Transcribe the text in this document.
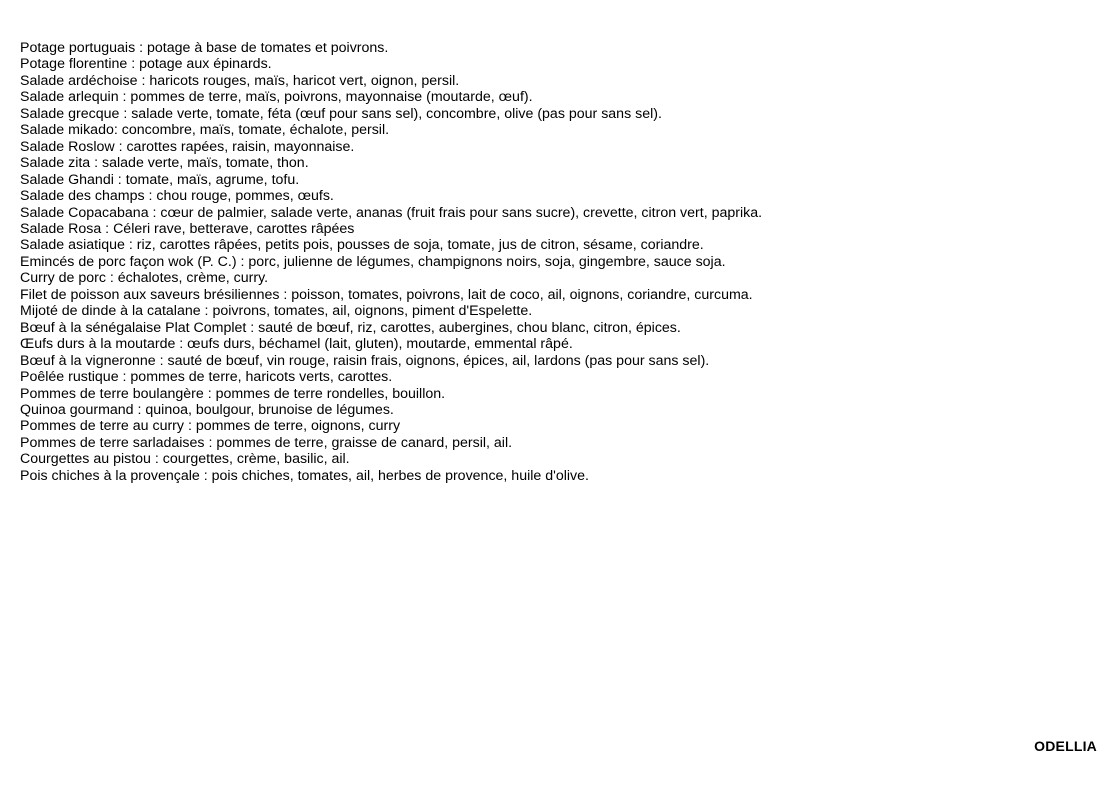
Potage portuguais : potage à base de tomates et poivrons.
Potage florentine : potage aux épinards.
Salade ardéchoise : haricots rouges, maïs, haricot vert, oignon, persil.
Salade arlequin : pommes de terre, maïs, poivrons, mayonnaise (moutarde, œuf).
Salade grecque : salade verte, tomate, féta (œuf pour sans sel), concombre, olive (pas pour sans sel).
Salade mikado: concombre, maïs, tomate, échalote, persil.
Salade Roslow : carottes rapées, raisin, mayonnaise.
Salade zita : salade verte, maïs, tomate, thon.
Salade Ghandi : tomate, maïs, agrume, tofu.
Salade des champs : chou rouge, pommes, œufs.
Salade Copacabana : cœur de palmier, salade verte, ananas (fruit frais pour sans sucre), crevette, citron vert, paprika.
Salade Rosa : Céleri rave, betterave, carottes râpées
Salade asiatique : riz, carottes râpées, petits pois, pousses de soja, tomate, jus de citron, sésame, coriandre.
Emincés de porc façon wok (P. C.) : porc, julienne de légumes, champignons noirs, soja, gingembre, sauce soja.
Curry de porc : échalotes, crème, curry.
Filet de poisson aux saveurs brésiliennes : poisson, tomates, poivrons, lait de coco, ail, oignons, coriandre, curcuma.
Mijoté de dinde à la catalane : poivrons, tomates, ail, oignons, piment d'Espelette.
Bœuf à la sénégalaise Plat Complet : sauté de bœuf, riz, carottes, aubergines, chou blanc, citron, épices.
Œufs durs à la moutarde : œufs durs, béchamel (lait, gluten), moutarde, emmental râpé.
Bœuf à la vigneronne : sauté de bœuf, vin rouge, raisin frais, oignons, épices, ail, lardons (pas pour sans sel).
Poêlée rustique : pommes de terre, haricots verts, carottes.
Pommes de terre boulangère : pommes de terre rondelles, bouillon.
Quinoa gourmand : quinoa, boulgour, brunoise de légumes.
Pommes de terre au curry : pommes de terre, oignons, curry
Pommes de terre sarladaises : pommes de terre, graisse de canard, persil, ail.
Courgettes au pistou : courgettes, crème, basilic, ail.
Pois chiches à la provençale : pois chiches, tomates, ail, herbes de provence, huile d'olive.
ODELLIA
